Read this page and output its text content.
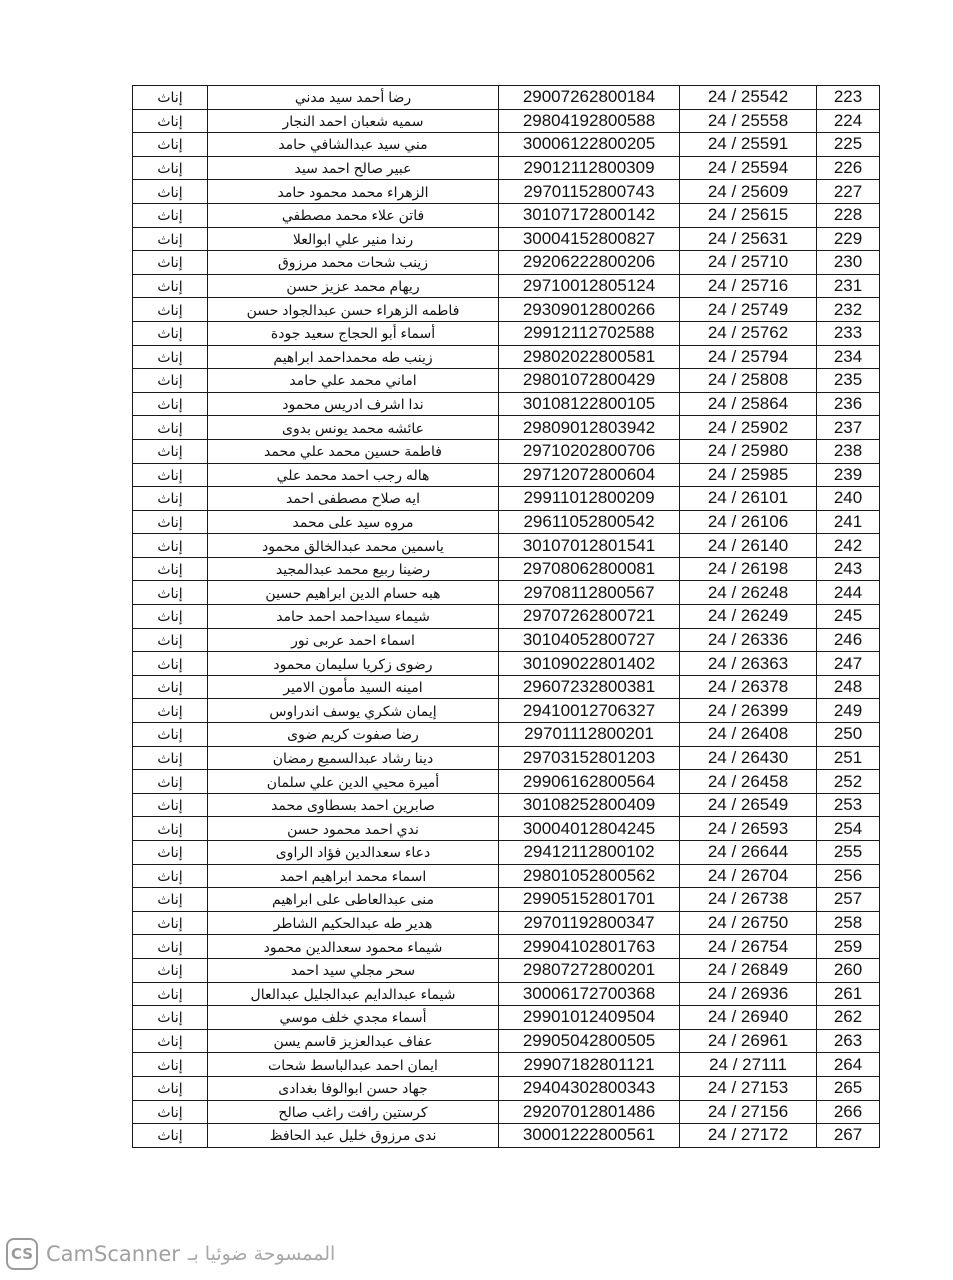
إناث	رضا أحمد سيد مدني	29007262800184	24 / 25542	223
إناث	سميه شعبان احمد النجار	29804192800588	24 / 25558	224
إناث	مني سيد عبدالشافي حامد	30006122800205	24 / 25591	225
إناث	عبير صالح احمد سيد	29012112800309	24 / 25594	226
إناث	الزهراء محمد محمود حامد	29701152800743	24 / 25609	227
إناث	فاتن علاء محمد مصطفي	30107172800142	24 / 25615	228
إناث	رندا منير علي ابوالعلا	30004152800827	24 / 25631	229
إناث	زينب شحات محمد مرزوق	29206222800206	24 / 25710	230
إناث	ريهام محمد عزيز حسن	29710012805124	24 / 25716	231
إناث	فاطمه الزهراء حسن عبدالجواد حسن	29309012800266	24 / 25749	232
إناث	أسماء أبو الحجاج سعيد جودة	29912112702588	24 / 25762	233
إناث	زينب طه محمداحمد ابراهيم	29802022800581	24 / 25794	234
إناث	اماني محمد علي حامد	29801072800429	24 / 25808	235
إناث	ندا اشرف ادريس محمود	30108122800105	24 / 25864	236
إناث	عائشه محمد يونس بدوى	29809012803942	24 / 25902	237
إناث	فاطمة حسين محمد علي محمد	29710202800706	24 / 25980	238
إناث	هاله رجب احمد محمد علي	29712072800604	24 / 25985	239
إناث	ايه صلاح مصطفى احمد	29911012800209	24 / 26101	240
إناث	مروه سيد على محمد	29611052800542	24 / 26106	241
إناث	ياسمين محمد عبدالخالق محمود	30107012801541	24 / 26140	242
إناث	رضينا ربيع محمد عبدالمجيد	29708062800081	24 / 26198	243
إناث	هبه حسام الدين ابراهيم حسين	29708112800567	24 / 26248	244
إناث	شيماء سيداحمد احمد حامد	29707262800721	24 / 26249	245
إناث	اسماء احمد عربى نور	30104052800727	24 / 26336	246
إناث	رضوى زكريا سليمان محمود	30109022801402	24 / 26363	247
إناث	امينه السيد مأمون الامير	29607232800381	24 / 26378	248
إناث	إيمان شكري يوسف اندراوس	29410012706327	24 / 26399	249
إناث	رضا صفوت كريم ضوى	29701112800201	24 / 26408	250
إناث	دينا رشاد عبدالسميع رمضان	29703152801203	24 / 26430	251
إناث	أميرة محيي الدين علي سلمان	29906162800564	24 / 26458	252
إناث	صابرين احمد بسطاوى محمد	30108252800409	24 / 26549	253
إناث	ندي احمد محمود حسن	30004012804245	24 / 26593	254
إناث	دعاء سعدالدين فؤاد الراوى	29412112800102	24 / 26644	255
إناث	اسماء محمد ابراهيم احمد	29801052800562	24 / 26704	256
إناث	منى عبدالعاطى على ابراهيم	29905152801701	24 / 26738	257
إناث	هدير طه عبدالحكيم الشاطر	29701192800347	24 / 26750	258
إناث	شيماء محمود سعدالدين محمود	29904102801763	24 / 26754	259
إناث	سحر مجلي سيد احمد	29807272800201	24 / 26849	260
إناث	شيماء عبدالدايم عبدالجليل عبدالعال	30006172700368	24 / 26936	261
إناث	أسماء مجدي خلف موسي	29901012409504	24 / 26940	262
إناث	عفاف عبدالعزيز قاسم يسن	29905042800505	24 / 26961	263
إناث	ايمان احمد عبدالباسط شحات	29907182801121	24 / 27111	264
إناث	جهاد حسن ابوالوفا بغدادى	29404302800343	24 / 27153	265
إناث	كرستين رافت راغب صالح	29207012801486	24 / 27156	266
إناث	ندى مرزوق خليل عبد الحافظ	30001222800561	24 / 27172	267
CS CamScanner الممسوحة ضوئيا بـ
